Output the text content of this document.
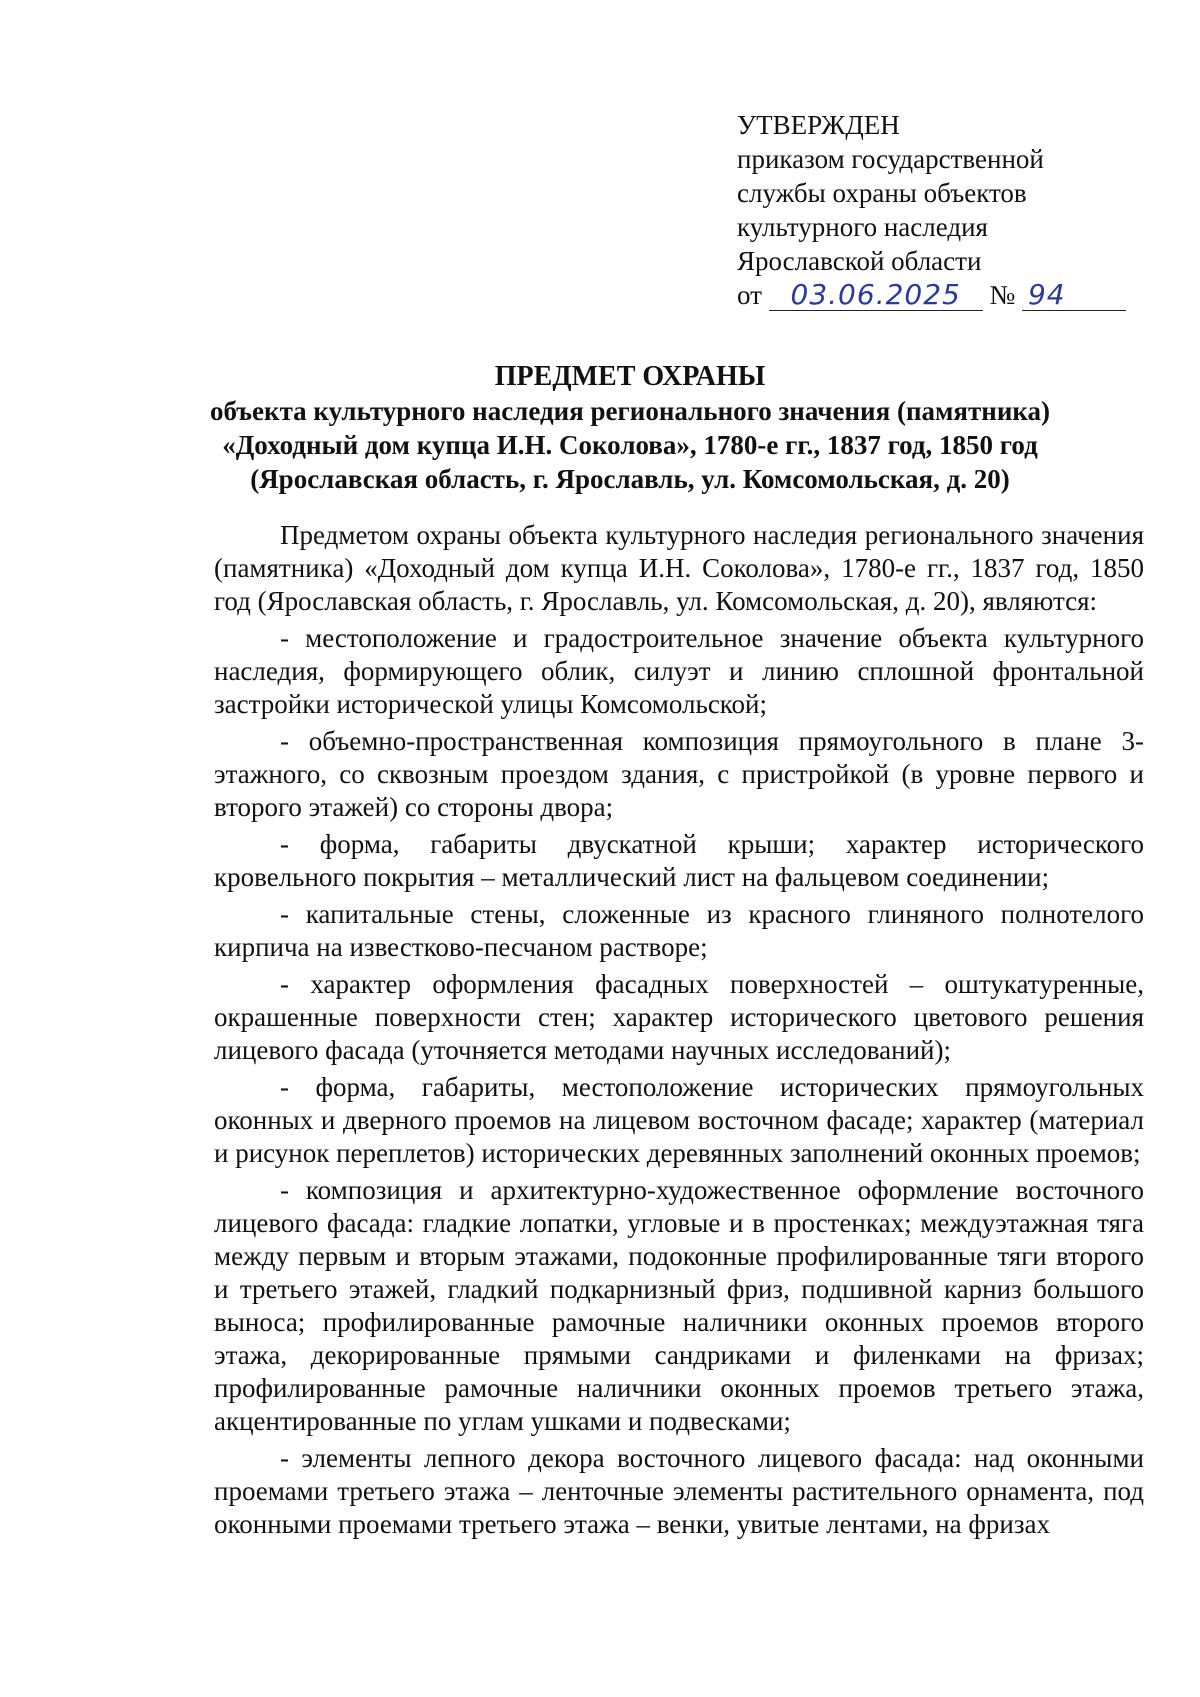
УТВЕРЖДЕН
приказом государственной
службы охраны объектов
культурного наследия
Ярославской области
от 03.06.2025 № 94
ПРЕДМЕТ ОХРАНЫ
объекта культурного наследия регионального значения (памятника)
«Доходный дом купца И.Н. Соколова», 1780-е гг., 1837 год, 1850 год
(Ярославская область, г. Ярославль, ул. Комсомольская, д. 20)

Предметом охраны объекта культурного наследия регионального значения (памятника) «Доходный дом купца И.Н. Соколова», 1780-е гг., 1837 год, 1850 год (Ярославская область, г. Ярославль, ул. Комсомольская, д. 20), являются:

- местоположение и градостроительное значение объекта культурного наследия, формирующего облик, силуэт и линию сплошной фронтальной застройки исторической улицы Комсомольской;

- объемно-пространственная композиция прямоугольного в плане 3-этажного, со сквозным проездом здания, с пристройкой (в уровне первого и второго этажей) со стороны двора;

- форма, габариты двускатной крыши; характер исторического кровельного покрытия – металлический лист на фальцевом соединении;

- капитальные стены, сложенные из красного глиняного полнотелого кирпича на известково-песчаном растворе;

- характер оформления фасадных поверхностей – оштукатуренные, окрашенные поверхности стен; характер исторического цветового решения лицевого фасада (уточняется методами научных исследований);

- форма, габариты, местоположение исторических прямоугольных оконных и дверного проемов на лицевом восточном фасаде; характер (материал и рисунок переплетов) исторических деревянных заполнений оконных проемов;

- композиция и архитектурно-художественное оформление восточного лицевого фасада: гладкие лопатки, угловые и в простенках; междуэтажная тяга между первым и вторым этажами, подоконные профилированные тяги второго и третьего этажей, гладкий подкарнизный фриз, подшивной карниз большого выноса; профилированные рамочные наличники оконных проемов второго этажа, декорированные прямыми сандриками и филенками на фризах; профилированные рамочные наличники оконных проемов третьего этажа, акцентированные по углам ушками и подвесками;

- элементы лепного декора восточного лицевого фасада: над оконными проемами третьего этажа – ленточные элементы растительного орнамента, под оконными проемами третьего этажа – венки, увитые лентами, на фризах
